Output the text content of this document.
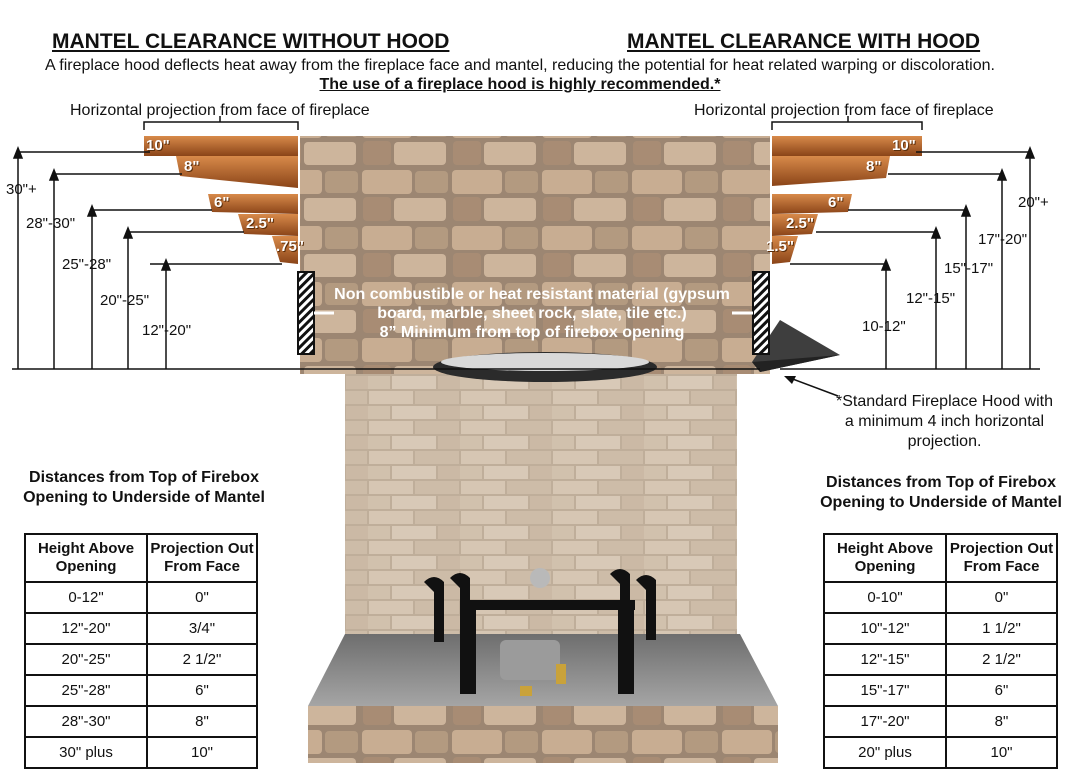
MANTEL CLEARANCE WITHOUT HOOD	MANTEL CLEARANCE WITH HOOD
A fireplace hood deflects heat away from the fireplace face and mantel, reducing the potential for heat related warping or discoloration.
The use of a fireplace hood is highly recommended.*
Horizontal projection from face of fireplace	Horizontal projection from face of fireplace
10"
8"
6"
2.5"
.75"
10"
8"
6"
2.5"
1.5"
30"+
28"-30"
25"-28"
20"-25"
12"-20"
20"+
17"-20"
15"-17"
12"-15"
10-12"
Non combustible or heat resistant material (gypsum
board, marble, sheet rock, slate, tile etc.)
8” Minimum from top of firebox opening
*Standard Fireplace Hood with
a minimum 4 inch horizontal
projection.
Distances from Top of Firebox Opening to Underside of Mantel
Height Above Opening	Projection Out From Face
0-12"	0"
12"-20"	3/4"
20"-25"	2 1/2"
25"-28"	6"
28"-30"	8"
30" plus	10"
Distances from Top of Firebox Opening to Underside of Mantel
Height Above Opening	Projection Out From Face
0-10"	0"
10"-12"	1 1/2"
12"-15"	2 1/2"
15"-17"	6"
17"-20"	8"
20" plus	10"
